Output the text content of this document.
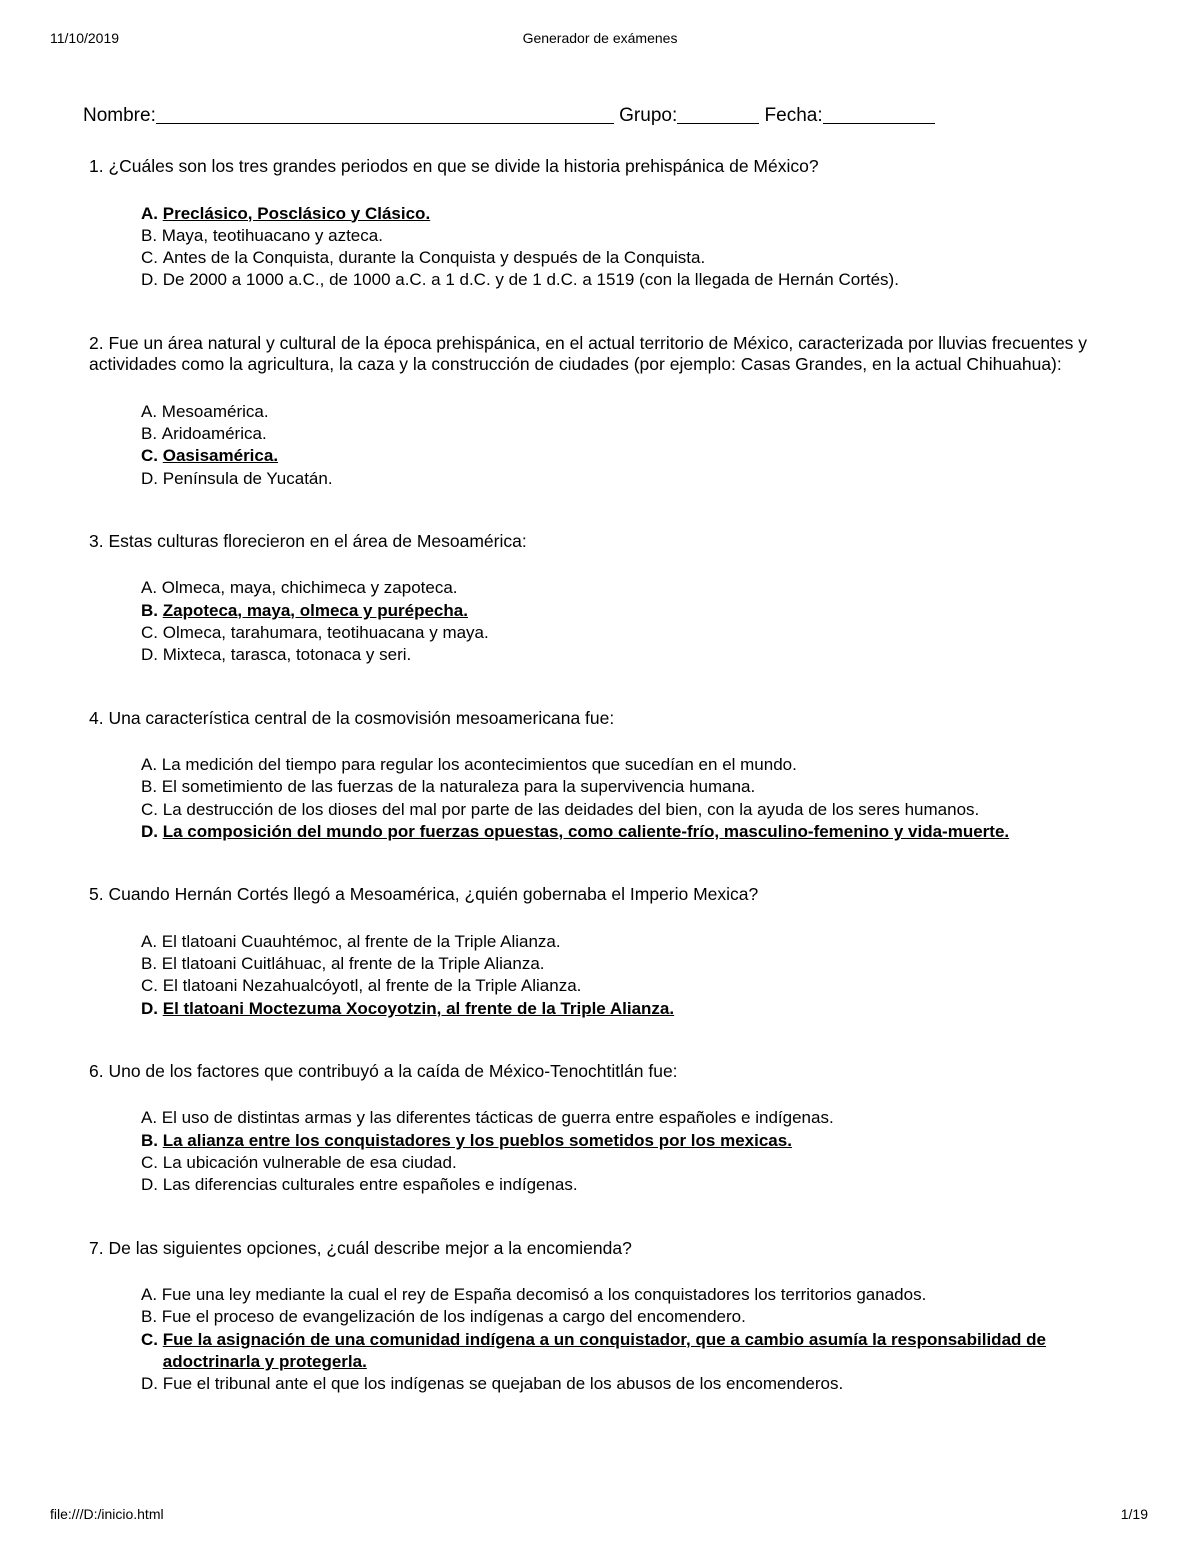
11/10/2019	Generador de exámenes
Nombre:	Grupo:	Fecha:
1. ¿Cuáles son los tres grandes periodos en que se divide la historia prehispánica de México?
A.
Preclásico, Posclásico y Clásico.
B.
Maya, teotihuacano y azteca.
C.
Antes de la Conquista, durante la Conquista y después de la Conquista.
D.
De 2000 a 1000 a.C., de 1000 a.C. a 1 d.C. y de 1 d.C. a 1519 (con la llegada de Hernán Cortés).
2. Fue un área natural y cultural de la época prehispánica, en el actual territorio de México, caracterizada por lluvias frecuentes y actividades como la agricultura, la caza y la construcción de ciudades (por ejemplo: Casas Grandes, en la actual Chihuahua):
A.
Mesoamérica.
B.
Aridoamérica.
C.
Oasisamérica.
D.
Península de Yucatán.
3. Estas culturas florecieron en el área de Mesoamérica:
A.
Olmeca, maya, chichimeca y zapoteca.
B.
Zapoteca, maya, olmeca y purépecha.
C.
Olmeca, tarahumara, teotihuacana y maya.
D.
Mixteca, tarasca, totonaca y seri.
4. Una característica central de la cosmovisión mesoamericana fue:
A.
La medición del tiempo para regular los acontecimientos que sucedían en el mundo.
B.
El sometimiento de las fuerzas de la naturaleza para la supervivencia humana.
C.
La destrucción de los dioses del mal por parte de las deidades del bien, con la ayuda de los seres humanos.
D.
La composición del mundo por fuerzas opuestas, como caliente-frío, masculino-femenino y vida-muerte.
5. Cuando Hernán Cortés llegó a Mesoamérica, ¿quién gobernaba el Imperio Mexica?
A.
El tlatoani Cuauhtémoc, al frente de la Triple Alianza.
B.
El tlatoani Cuitláhuac, al frente de la Triple Alianza.
C.
El tlatoani Nezahualcóyotl, al frente de la Triple Alianza.
D.
El tlatoani Moctezuma Xocoyotzin, al frente de la Triple Alianza.
6. Uno de los factores que contribuyó a la caída de México-Tenochtitlán fue:
A.
El uso de distintas armas y las diferentes tácticas de guerra entre españoles e indígenas.
B.
La alianza entre los conquistadores y los pueblos sometidos por los mexicas.
C.
La ubicación vulnerable de esa ciudad.
D.
Las diferencias culturales entre españoles e indígenas.
7. De las siguientes opciones, ¿cuál describe mejor a la encomienda?
A.
Fue una ley mediante la cual el rey de España decomisó a los conquistadores los territorios ganados.
B.
Fue el proceso de evangelización de los indígenas a cargo del encomendero.
C.
Fue la asignación de una comunidad indígena a un conquistador, que a cambio asumía la responsabilidad de adoctrinarla y protegerla.
D.
Fue el tribunal ante el que los indígenas se quejaban de los abusos de los encomenderos.
file:///D:/inicio.html	1/19
